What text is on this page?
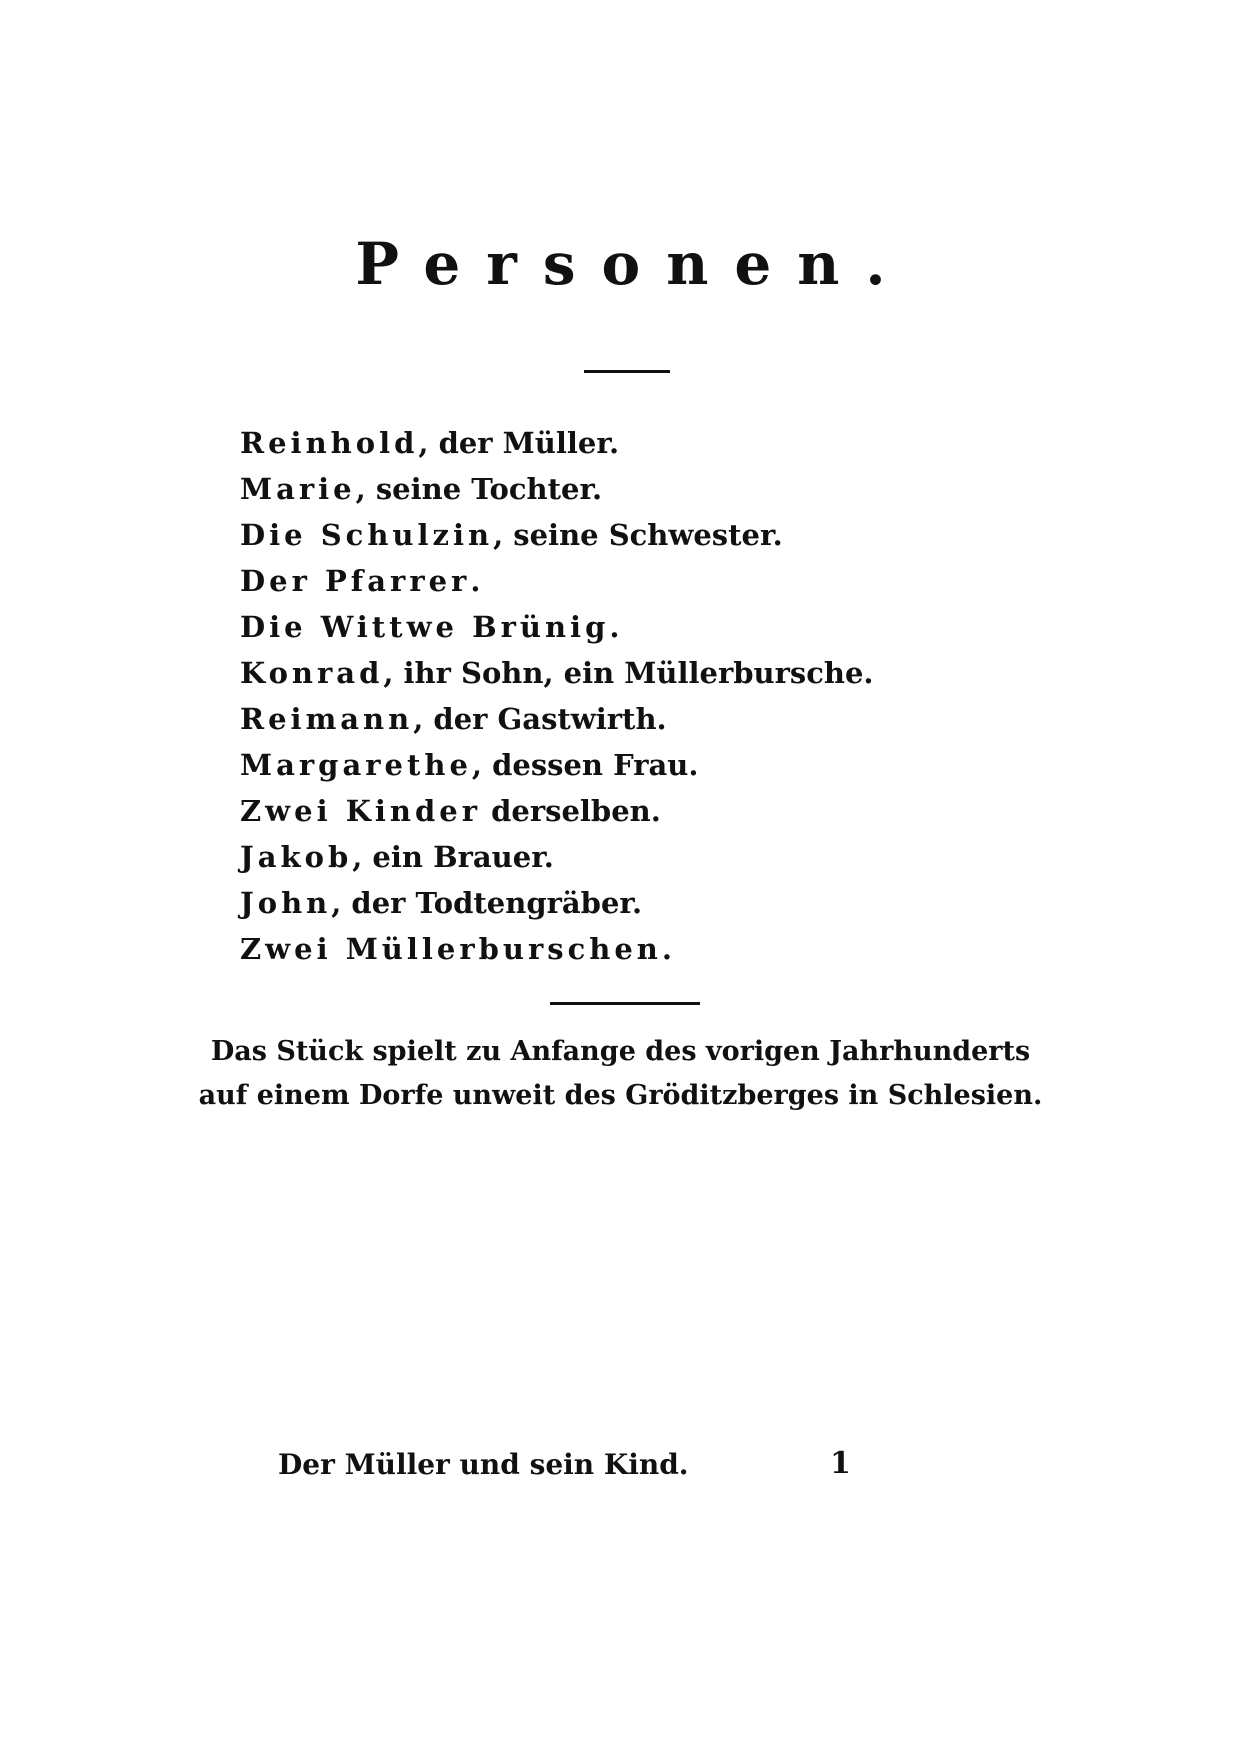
Personen.
Reinhold, der Müller.
Marie, seine Tochter.
Die Schulzin, seine Schwester.
Der Pfarrer.
Die Wittwe Brünig.
Konrad, ihr Sohn, ein Müllerbursche.
Reimann, der Gastwirth.
Margarethe, dessen Frau.
Zwei Kinder derselben.
Jakob, ein Brauer.
John, der Todtengräber.
Zwei Müllerburschen.
Das Stück spielt zu Anfange des vorigen Jahrhunderts
auf einem Dorfe unweit des Gröditzberges in Schlesien.
Der Müller und sein Kind.	1
